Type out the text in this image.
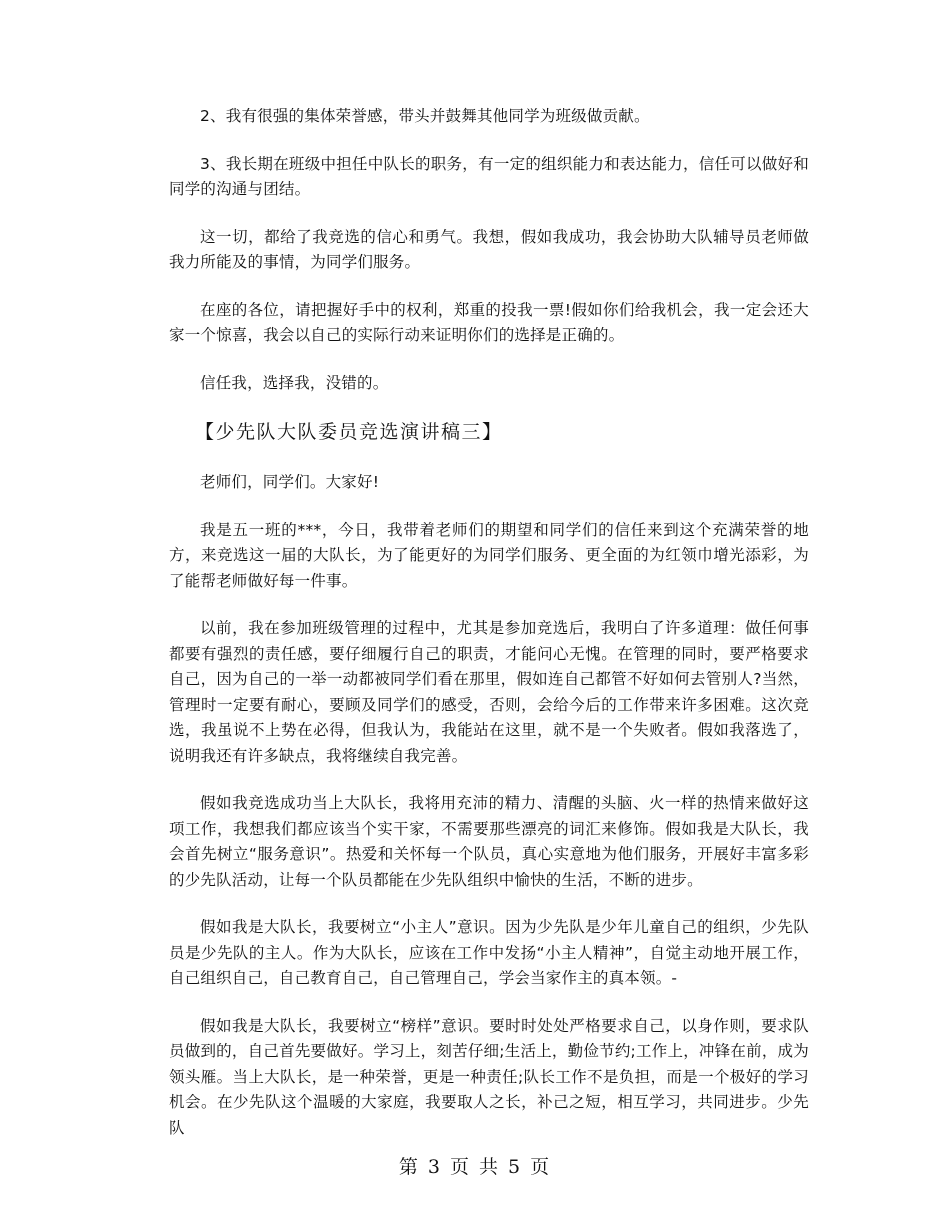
2、我有很强的集体荣誉感，带头并鼓舞其他同学为班级做贡献。

3、我长期在班级中担任中队长的职务，有一定的组织能力和表达能力，信任可以做好和同学的沟通与团结。

这一切，都给了我竞选的信心和勇气。我想，假如我成功，我会协助大队辅导员老师做我力所能及的事情，为同学们服务。

在座的各位，请把握好手中的权利，郑重的投我一票!假如你们给我机会，我一定会还大家一个惊喜，我会以自己的实际行动来证明你们的选择是正确的。

信任我，选择我，没错的。

【少先队大队委员竞选演讲稿三】

老师们，同学们。大家好!

我是五一班的***，今日，我带着老师们的期望和同学们的信任来到这个充满荣誉的地方，来竞选这一届的大队长，为了能更好的为同学们服务、更全面的为红领巾增光添彩，为了能帮老师做好每一件事。

以前，我在参加班级管理的过程中，尤其是参加竞选后，我明白了许多道理：做任何事都要有强烈的责任感，要仔细履行自己的职责，才能问心无愧。在管理的同时，要严格要求自己，因为自己的一举一动都被同学们看在那里，假如连自己都管不好如何去管别人?当然，管理时一定要有耐心，要顾及同学们的感受，否则，会给今后的工作带来许多困难。这次竞选，我虽说不上势在必得，但我认为，我能站在这里，就不是一个失败者。假如我落选了，说明我还有许多缺点，我将继续自我完善。

假如我竞选成功当上大队长，我将用充沛的精力、清醒的头脑、火一样的热情来做好这项工作，我想我们都应该当个实干家，不需要那些漂亮的词汇来修饰。假如我是大队长，我会首先树立“服务意识”。热爱和关怀每一个队员，真心实意地为他们服务，开展好丰富多彩的少先队活动，让每一个队员都能在少先队组织中愉快的生活，不断的进步。

假如我是大队长，我要树立“小主人”意识。因为少先队是少年儿童自己的组织，少先队员是少先队的主人。作为大队长，应该在工作中发扬“小主人精神”，自觉主动地开展工作，自己组织自己，自己教育自己，自己管理自己，学会当家作主的真本领。-

假如我是大队长，我要树立“榜样”意识。要时时处处严格要求自己，以身作则，要求队员做到的，自己首先要做好。学习上，刻苦仔细;生活上，勤俭节约;工作上，冲锋在前，成为领头雁。当上大队长，是一种荣誉，更是一种责任;队长工作不是负担，而是一个极好的学习机会。在少先队这个温暖的大家庭，我要取人之长，补己之短，相互学习，共同进步。少先队

第 3 页 共 5 页
